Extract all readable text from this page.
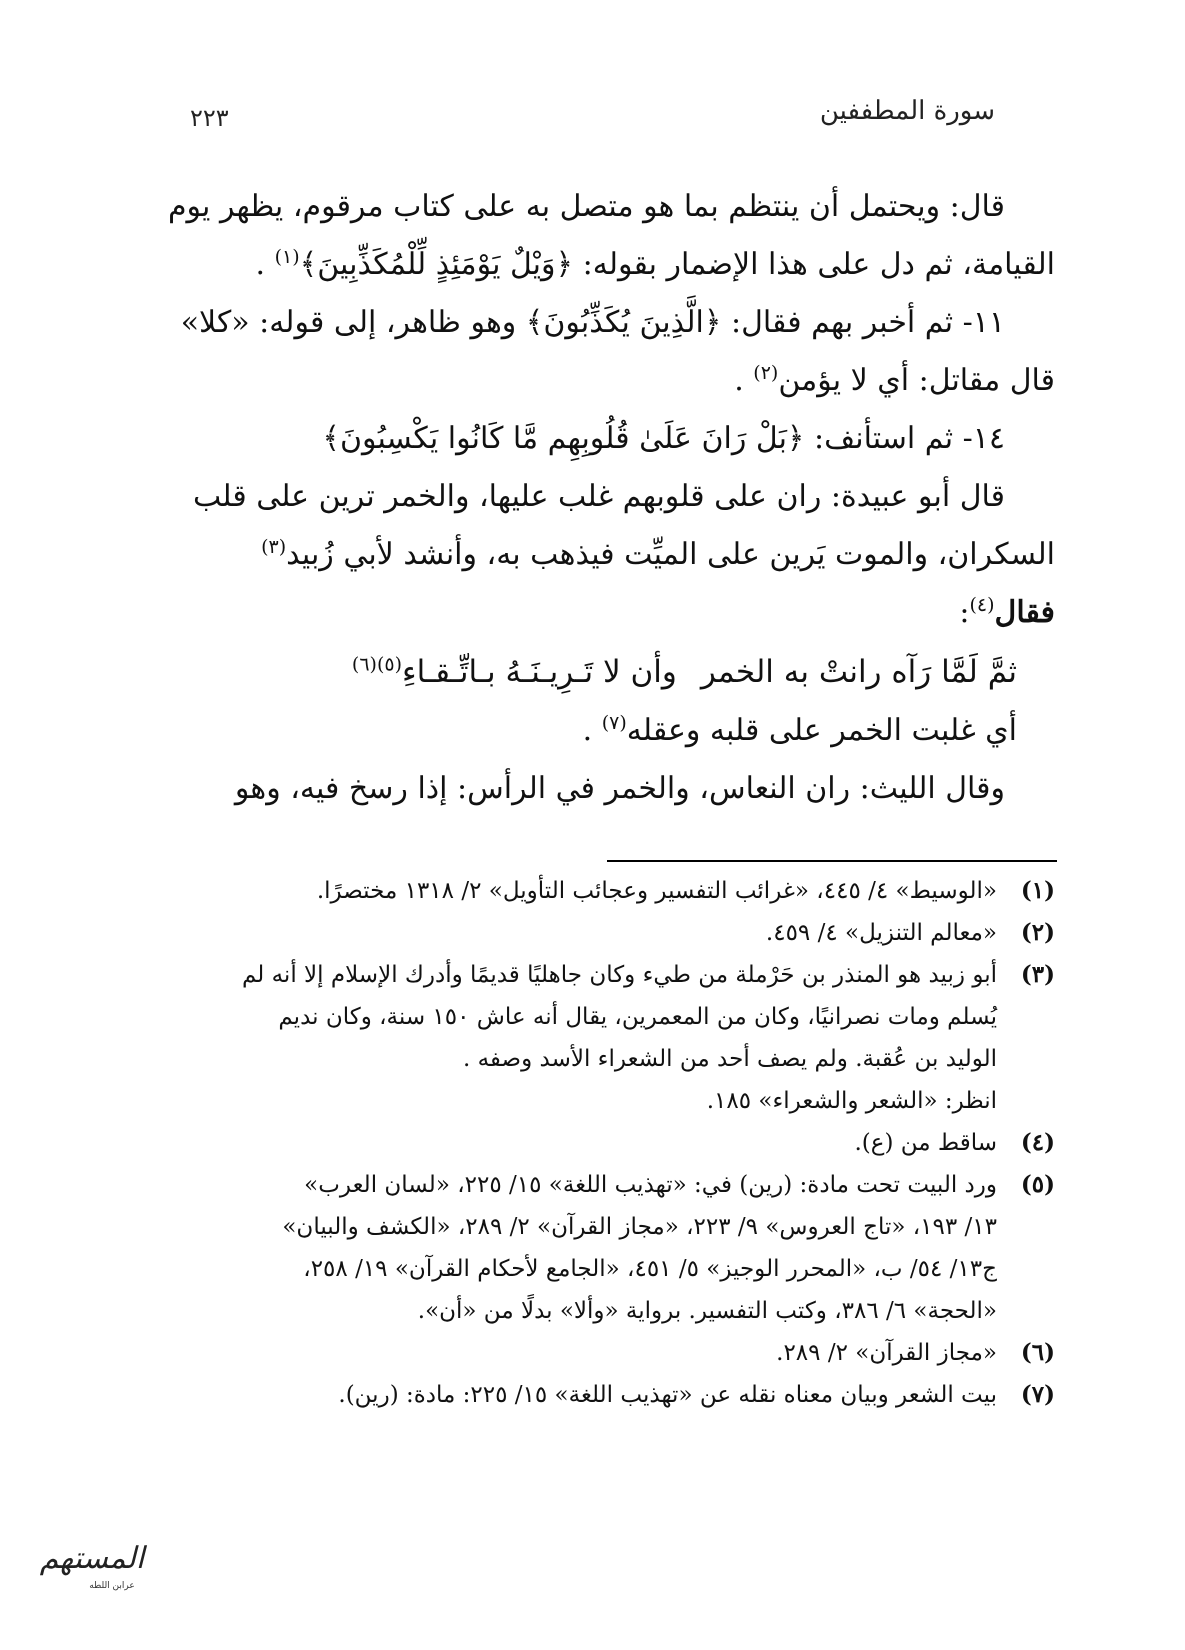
سورة المطففين
٢٢٣

قال: ويحتمل أن ينتظم بما هو متصل به على كتاب مرقوم، يظهر يوم

القيامة، ثم دل على هذا الإضمار بقوله: ﴿وَيْلٌ يَوْمَئِذٍ لِّلْمُكَذِّبِينَ﴾$^{(١)}$ .

١١- ثم أخبر بهم فقال: ﴿الَّذِينَ يُكَذِّبُونَ﴾ وهو ظاهر، إلى قوله: «كلا»

قال مقاتل: أي لا يؤمن$^{(٢)}$ .

١٤- ثم استأنف: ﴿بَلْ رَانَ عَلَىٰ قُلُوبِهِم مَّا كَانُوا يَكْسِبُونَ﴾

قال أبو عبيدة: ران على قلوبهم غلب عليها، والخمر ترين على قلب

السكران، والموت يَرين على الميِّت فيذهب به، وأنشد لأبي زُبيد$^{(٣)}$

فقال$^{(٤)}$:

ثمَّ لَمَّا رَآه رانتْ به الخمر
وأن لا تَـرِيـنَـهُ بـاتِّـقـاءِ$^{(٥)(٦)}$

أي غلبت الخمر على قلبه وعقله$^{(٧)}$ .

وقال الليث: ران النعاس، والخمر في الرأس: إذا رسخ فيه، وهو

(١)
«الوسيط» ٤/ ٤٤٥، «غرائب التفسير وعجائب التأويل» ٢/ ١٣١٨ مختصرًا.
(٢)
«معالم التنزيل» ٤/ ٤٥٩.
(٣)
أبو زبيد هو المنذر بن حَرْملة من طيء وكان جاهليًا قديمًا وأدرك الإسلام إلا أنه لم
يُسلم ومات نصرانيًا، وكان من المعمرين، يقال أنه عاش ١٥٠ سنة، وكان نديم
الوليد بن عُقبة. ولم يصف أحد من الشعراء الأسد وصفه .
انظر: «الشعر والشعراء» ١٨٥.
(٤)
ساقط من (ع).
(٥)
ورد البيت تحت مادة: (رين) في: «تهذيب اللغة» ١٥/ ٢٢٥، «لسان العرب»
١٣/ ١٩٣، «تاج العروس» ٩/ ٢٢٣، «مجاز القرآن» ٢/ ٢٨٩، «الكشف والبيان»
ج١٣/ ٥٤/ ب، «المحرر الوجيز» ٥/ ٤٥١، «الجامع لأحكام القرآن» ١٩/ ٢٥٨،
«الحجة» ٦/ ٣٨٦، وكتب التفسير. برواية «وألا» بدلًا من «أن».
(٦)
«مجاز القرآن» ٢/ ٢٨٩.
(٧)
بيت الشعر وبيان معناه نقله عن «تهذيب اللغة» ١٥/ ٢٢٥: مادة: (رين).
المستهم
عرابن اللطه
